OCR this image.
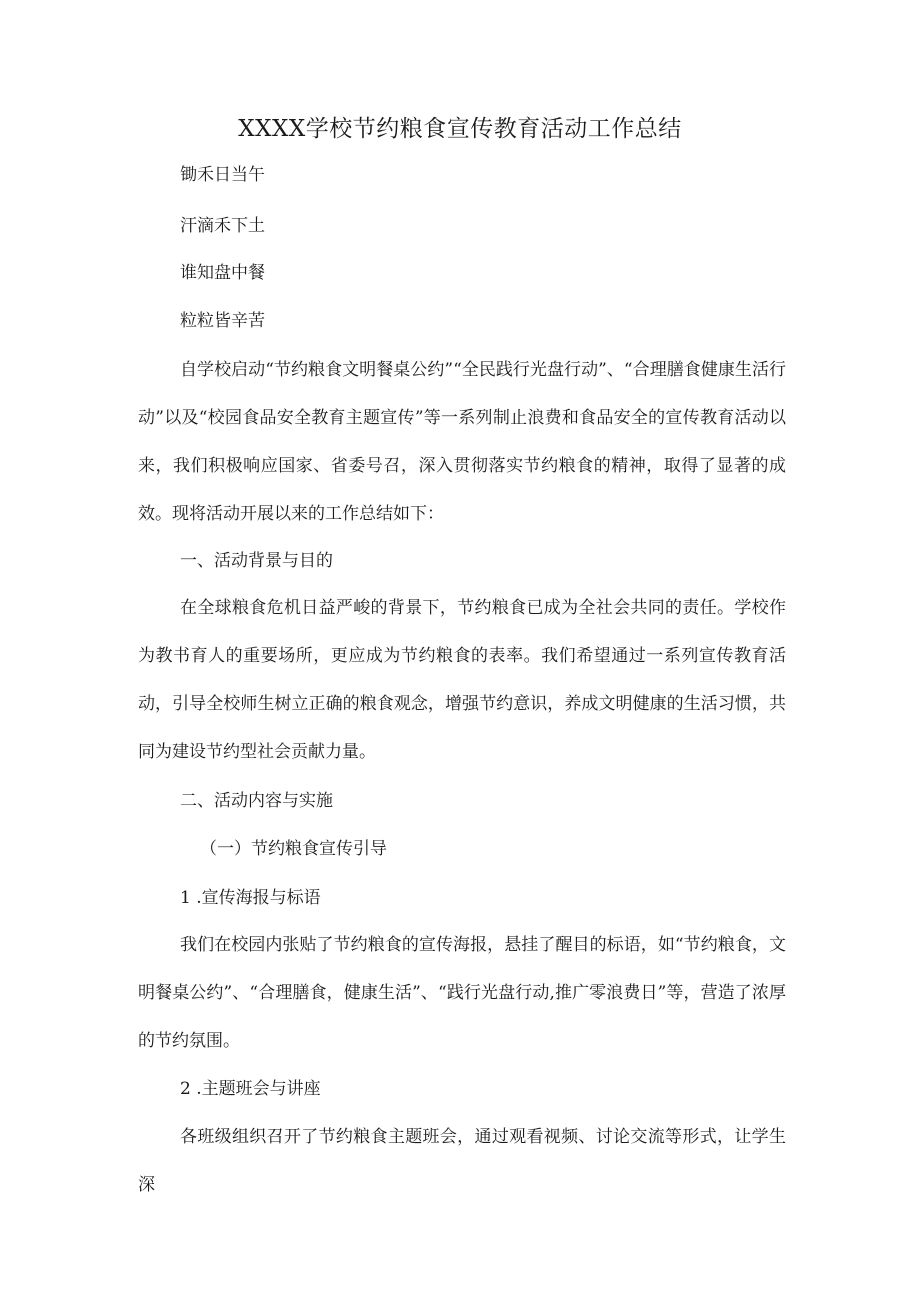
XXXX学校节约粮食宣传教育活动工作总结
锄禾日当午
汗滴禾下土
谁知盘中餐
粒粒皆辛苦

自学校启动“节约粮食文明餐桌公约”“全民践行光盘行动”、“合理膳食健康生活行动”以及“校园食品安全教育主题宣传”等一系列制止浪费和食品安全的宣传教育活动以来，我们积极响应国家、省委号召，深入贯彻落实节约粮食的精神，取得了显著的成效。现将活动开展以来的工作总结如下：

一、活动背景与目的

在全球粮食危机日益严峻的背景下，节约粮食已成为全社会共同的责任。学校作为教书育人的重要场所，更应成为节约粮食的表率。我们希望通过一系列宣传教育活动，引导全校师生树立正确的粮食观念，增强节约意识，养成文明健康的生活习惯，共同为建设节约型社会贡献力量。

二、活动内容与实施
（一）节约粮食宣传引导
1 .宣传海报与标语

我们在校园内张贴了节约粮食的宣传海报，悬挂了醒目的标语，如“节约粮食，文明餐桌公约”、“合理膳食，健康生活”、“践行光盘行动,推广零浪费日”等，营造了浓厚的节约氛围。

2 .主题班会与讲座

各班级组织召开了节约粮食主题班会，通过观看视频、讨论交流等形式，让学生深
